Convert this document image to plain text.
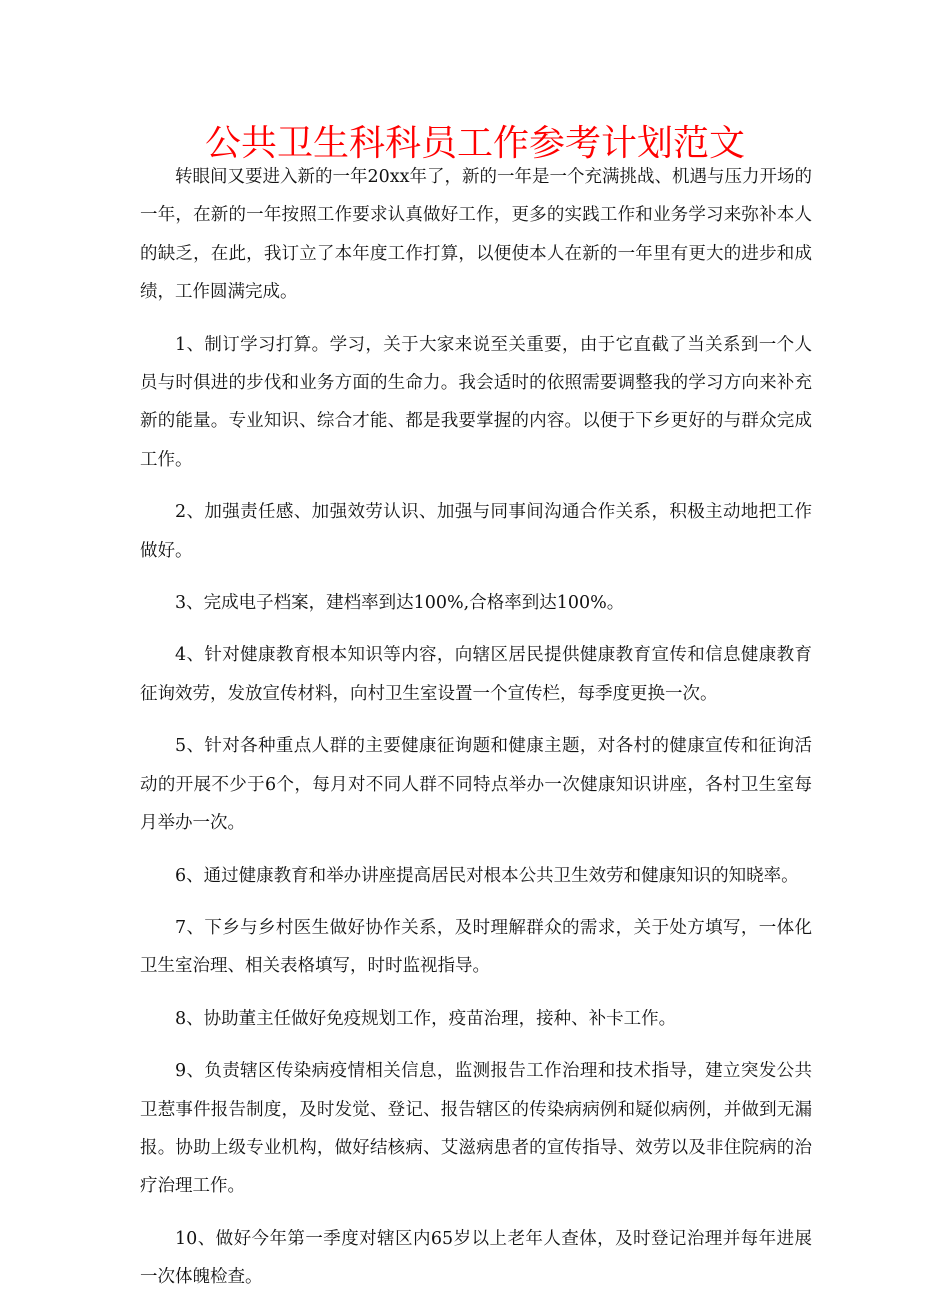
公共卫生科科员工作参考计划范文

转眼间又要进入新的一年20xx年了，新的一年是一个充满挑战、机遇与压力开场的一年，在新的一年按照工作要求认真做好工作，更多的实践工作和业务学习来弥补本人的缺乏，在此，我订立了本年度工作打算，以便使本人在新的一年里有更大的进步和成绩，工作圆满完成。

1、制订学习打算。学习，关于大家来说至关重要，由于它直截了当关系到一个人员与时俱进的步伐和业务方面的生命力。我会适时的依照需要调整我的学习方向来补充新的能量。专业知识、综合才能、都是我要掌握的内容。以便于下乡更好的与群众完成工作。

2、加强责任感、加强效劳认识、加强与同事间沟通合作关系，积极主动地把工作做好。

3、完成电子档案，建档率到达100%,合格率到达100%。

4、针对健康教育根本知识等内容，向辖区居民提供健康教育宣传和信息健康教育征询效劳，发放宣传材料，向村卫生室设置一个宣传栏，每季度更换一次。

5、针对各种重点人群的主要健康征询题和健康主题，对各村的健康宣传和征询活动的开展不少于6个，每月对不同人群不同特点举办一次健康知识讲座，各村卫生室每月举办一次。

6、通过健康教育和举办讲座提高居民对根本公共卫生效劳和健康知识的知晓率。

7、下乡与乡村医生做好协作关系，及时理解群众的需求，关于处方填写，一体化卫生室治理、相关表格填写，时时监视指导。

8、协助董主任做好免疫规划工作，疫苗治理，接种、补卡工作。

9、负责辖区传染病疫情相关信息，监测报告工作治理和技术指导，建立突发公共卫惹事件报告制度，及时发觉、登记、报告辖区的传染病病例和疑似病例，并做到无漏报。协助上级专业机构，做好结核病、艾滋病患者的宣传指导、效劳以及非住院病的治疗治理工作。

10、做好今年第一季度对辖区内65岁以上老年人查体，及时登记治理并每年进展一次体魄检查。
